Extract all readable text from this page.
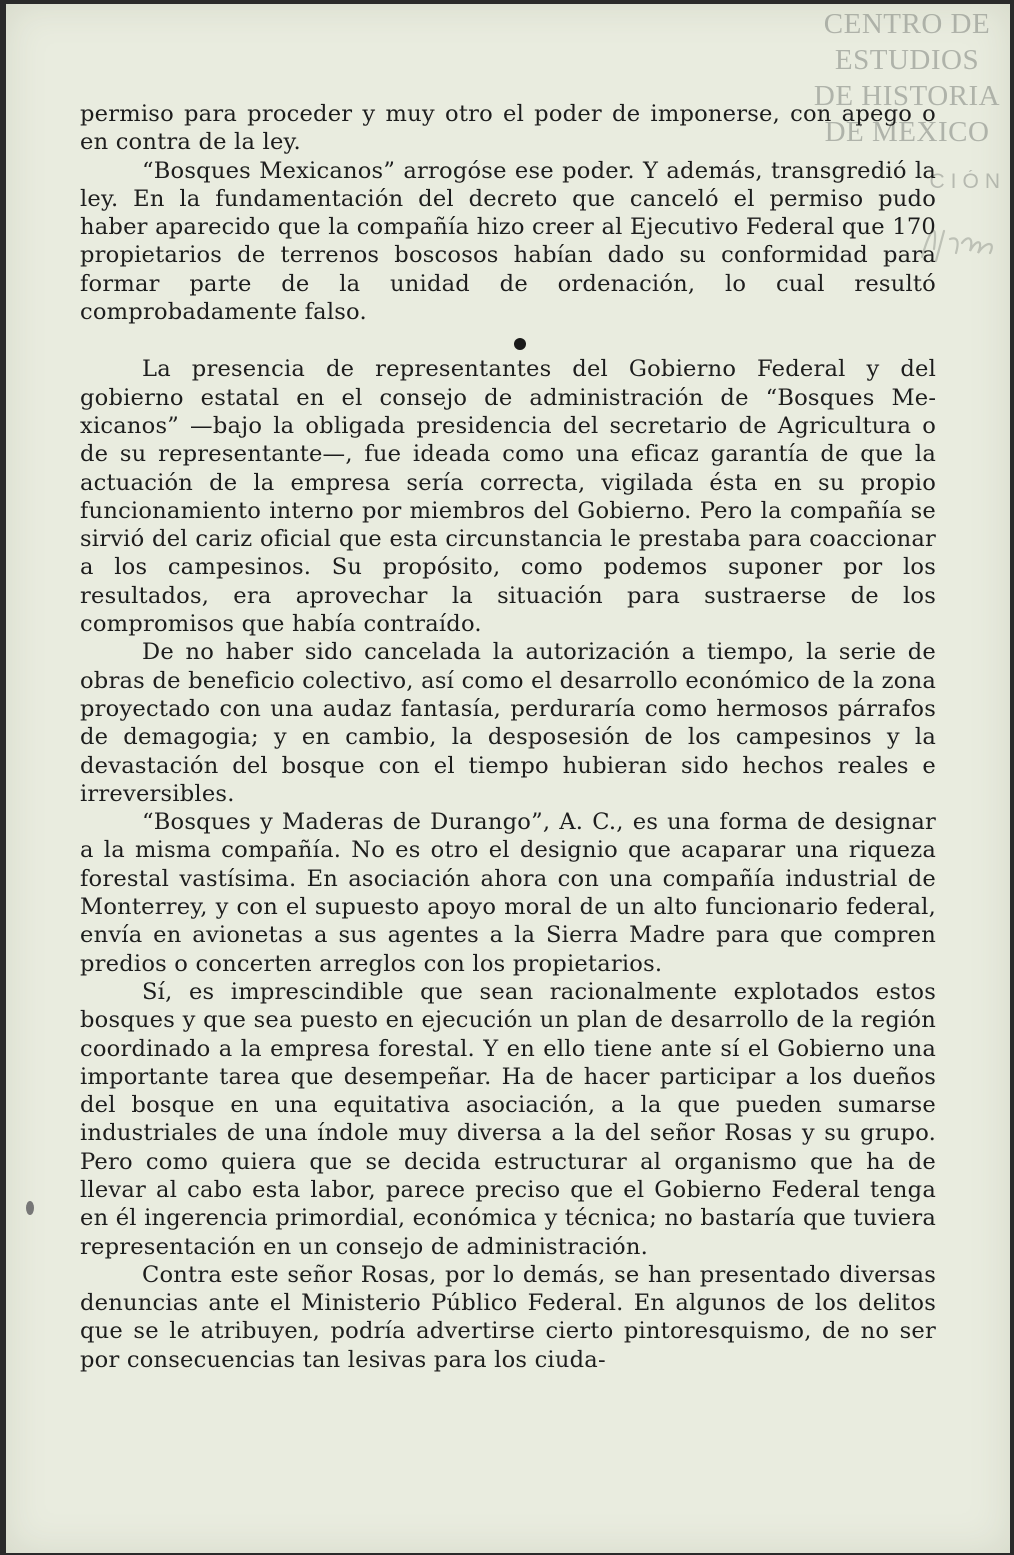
CENTRO DE
ESTUDIOS
DE HISTORIA
DE MEXICO
CIÓN

permiso para proceder y muy otro el poder de imponerse, con apego o en contra de la ley.

“Bosques Mexicanos” arrogóse ese poder. Y además, transgredió la ley. En la fundamentación del decreto que canceló el permiso pudo haber aparecido que la compañía hizo creer al Ejecutivo Federal que 170 propietarios de terrenos boscosos habían dado su conformidad para formar parte de la unidad de ordenación, lo cual resultó comprobadamente falso.

La presencia de representantes del Gobierno Federal y del gobierno estatal en el consejo de administración de “Bosques Mexicanos” —bajo la obligada presidencia del secretario de Agricultura o de su representante—, fue ideada como una eficaz garantía de que la actuación de la empresa sería correcta, vigilada ésta en su propio funcionamiento interno por miembros del Gobierno. Pero la compañía se sirvió del cariz oficial que esta circunstancia le prestaba para coaccionar a los campesinos. Su propósito, como podemos suponer por los resultados, era aprovechar la situación para sustraerse de los compromisos que había contraído.

De no haber sido cancelada la autorización a tiempo, la serie de obras de beneficio colectivo, así como el desarrollo económico de la zona proyectado con una audaz fantasía, perduraría como hermosos párrafos de demagogia; y en cambio, la desposesión de los campesinos y la devastación del bosque con el tiempo hubieran sido hechos reales e irreversibles.

“Bosques y Maderas de Durango”, A. C., es una forma de designar a la misma compañía. No es otro el designio que acaparar una riqueza forestal vastísima. En asociación ahora con una compañía industrial de Monterrey, y con el supuesto apoyo moral de un alto funcionario federal, envía en avionetas a sus agentes a la Sierra Madre para que compren predios o concerten arreglos con los propietarios.

Sí, es imprescindible que sean racionalmente explotados estos bosques y que sea puesto en ejecución un plan de desarrollo de la región coordinado a la empresa forestal. Y en ello tiene ante sí el Gobierno una importante tarea que desempeñar. Ha de hacer participar a los dueños del bosque en una equitativa asociación, a la que pueden sumarse industriales de una índole muy diversa a la del señor Rosas y su grupo. Pero como quiera que se decida estructurar al organismo que ha de llevar al cabo esta labor, parece preciso que el Gobierno Federal tenga en él ingerencia primordial, económica y técnica; no bastaría que tuviera representación en un consejo de administración.

Contra este señor Rosas, por lo demás, se han presentado diversas denuncias ante el Ministerio Público Federal. En algunos de los delitos que se le atribuyen, podría advertirse cierto pintoresquismo, de no ser por consecuencias tan lesivas para los ciuda-
